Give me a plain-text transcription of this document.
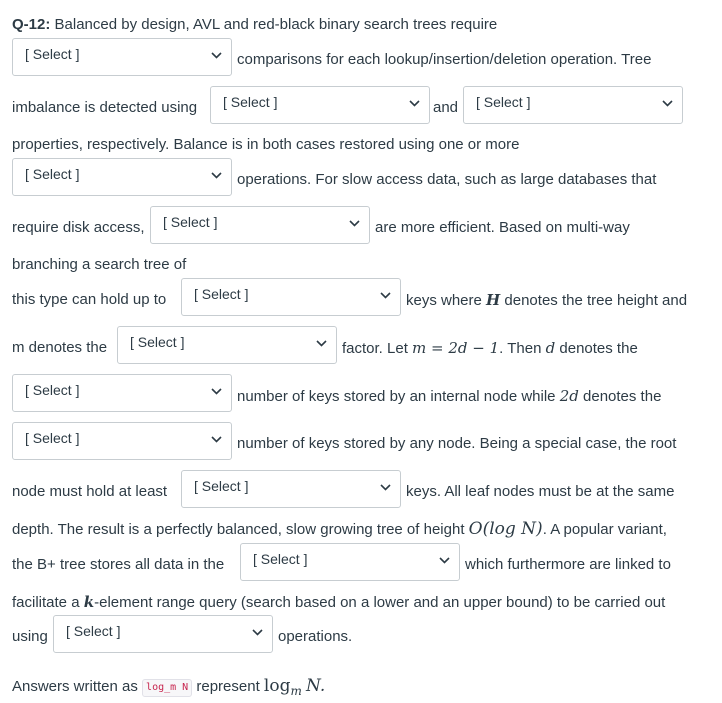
Q-12: Balanced by design, AVL and red-black binary search trees require
[ Select ]	comparisons for each lookup/insertion/deletion operation. Tree
imbalance is detected using [ Select ]	and [ Select ]
properties, respectively. Balance is in both cases restored using one or more
[ Select ]	operations. For slow access data, such as large databases that
require disk access, [ Select ]	are more efficient. Based on multi-way
branching a search tree of
this type can hold up to [ Select ]	keys where H denotes the tree height and
m denotes the [ Select ]	factor. Let m = 2d − 1. Then d denotes the
[ Select ]	number of keys stored by an internal node while 2d denotes the
[ Select ]	number of keys stored by any node. Being a special case, the root
node must hold at least [ Select ]	keys. All leaf nodes must be at the same
depth. The result is a perfectly balanced, slow growing tree of height O(log N). A popular variant,
the B+ tree stores all data in the [ Select ]	which furthermore are linked to
facilitate a k-element range query (search based on a lower and an upper bound) to be carried out
using [ Select ]	operations.
Answers written as log_m N represent $\log_m N$.
